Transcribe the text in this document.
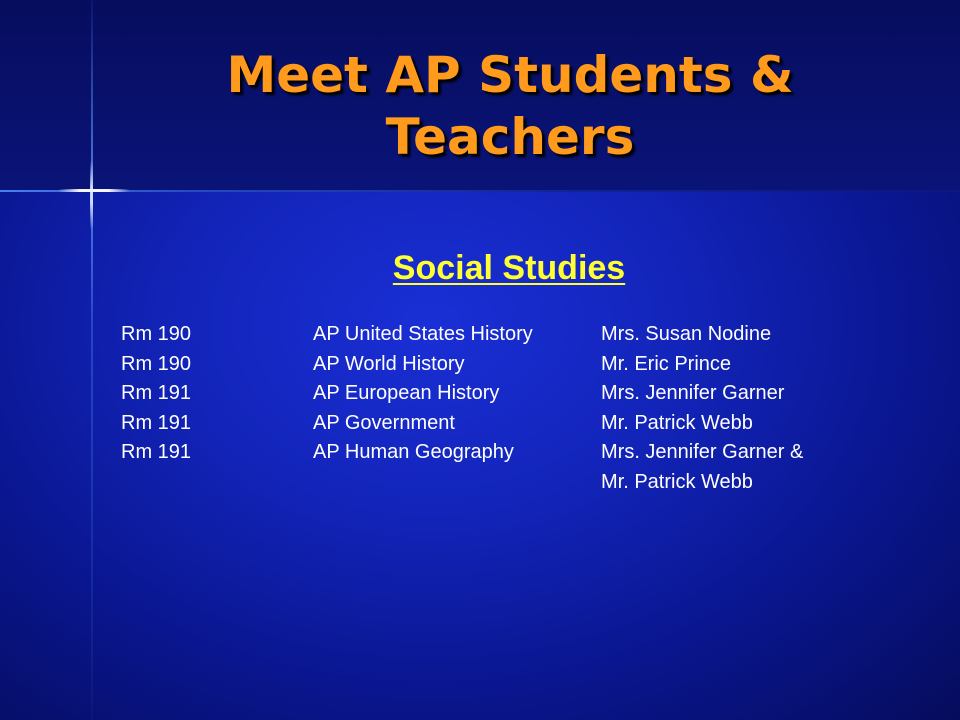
Meet AP Students & Teachers
Social Studies
Rm 190	AP United States History	Mrs. Susan Nodine
Rm 190	AP World History	Mr. Eric Prince
Rm 191	AP European History	Mrs. Jennifer Garner
Rm 191	AP Government	Mr. Patrick Webb
Rm 191	AP Human Geography	Mrs. Jennifer Garner &
Mr. Patrick Webb
